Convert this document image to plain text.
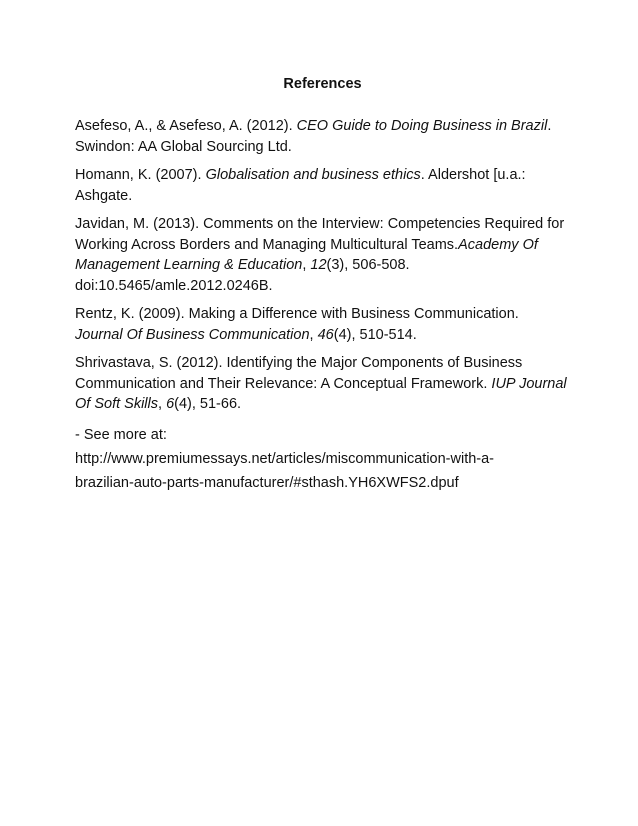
References
Asefeso, A., & Asefeso, A. (2012). CEO Guide to Doing Business in Brazil. Swindon: AA Global Sourcing Ltd.
Homann, K. (2007). Globalisation and business ethics. Aldershot [u.a.: Ashgate.
Javidan, M. (2013). Comments on the Interview: Competencies Required for Working Across Borders and Managing Multicultural Teams.Academy Of Management Learning & Education, 12(3), 506-508. doi:10.5465/amle.2012.0246B.
Rentz, K. (2009). Making a Difference with Business Communication. Journal Of Business Communication, 46(4), 510-514.
Shrivastava, S. (2012). Identifying the Major Components of Business Communication and Their Relevance: A Conceptual Framework. IUP Journal Of Soft Skills, 6(4), 51-66.
- See more at:
http://www.premiumessays.net/articles/miscommunication-with-a-
brazilian-auto-parts-manufacturer/#sthash.YH6XWFS2.dpuf
